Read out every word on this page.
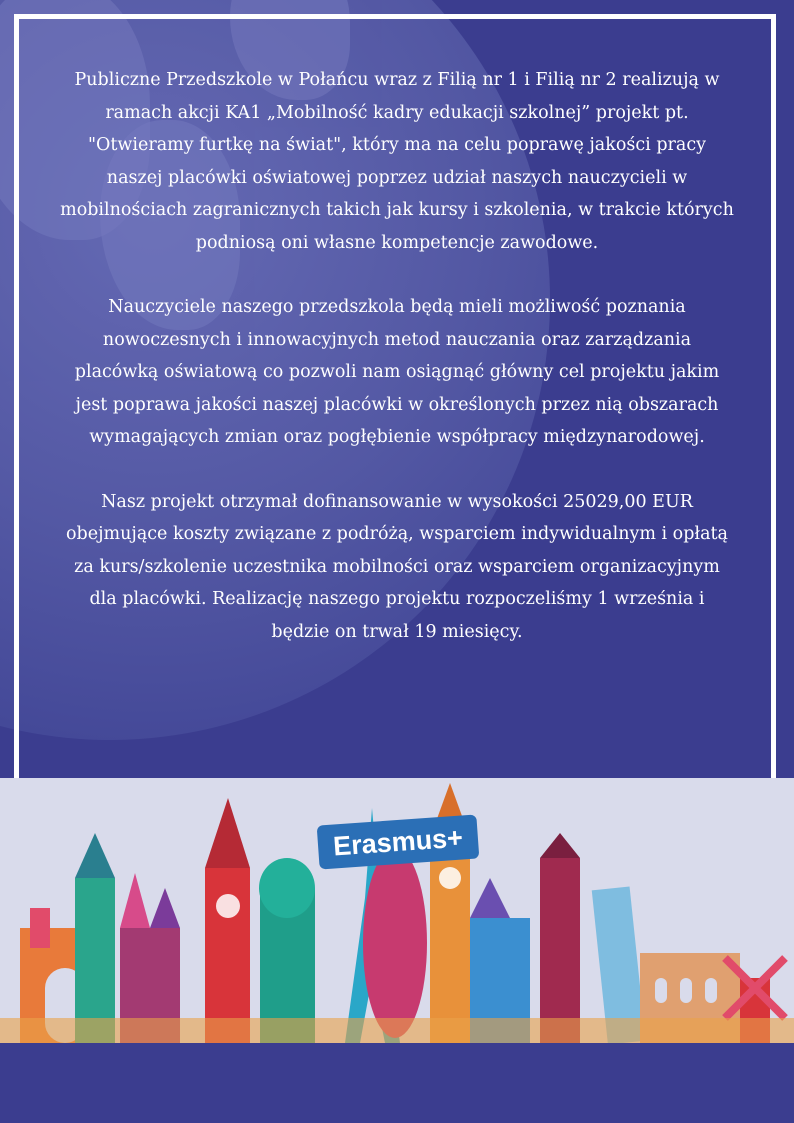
Publiczne Przedszkole w Połańcu wraz z Filią nr 1 i Filią nr 2 realizują w ramach akcji KA1 „Mobilność kadry edukacji szkolnej” projekt pt. "Otwieramy furtkę na świat", który ma na celu poprawę jakości pracy naszej placówki oświatowej poprzez udział naszych nauczycieli w mobilnościach zagranicznych takich jak kursy i szkolenia, w trakcie których podniosą oni własne kompetencje zawodowe.

Nauczyciele naszego przedszkola będą mieli możliwość poznania nowoczesnych i innowacyjnych metod nauczania oraz zarządzania placówką oświatową co pozwoli nam osiągnąć główny cel projektu jakim jest poprawa jakości naszej placówki w określonych przez nią obszarach wymagających zmian oraz pogłębienie współpracy międzynarodowej.

Nasz projekt otrzymał dofinansowanie w wysokości 25029,00 EUR obejmujące koszty związane z podróżą, wsparciem indywidualnym i opłatą za kurs/szkolenie uczestnika mobilności oraz wsparciem organizacyjnym dla placówki. Realizację naszego projektu rozpoczeliśmy 1 września i będzie on trwał 19 miesięcy.

Erasmus+
